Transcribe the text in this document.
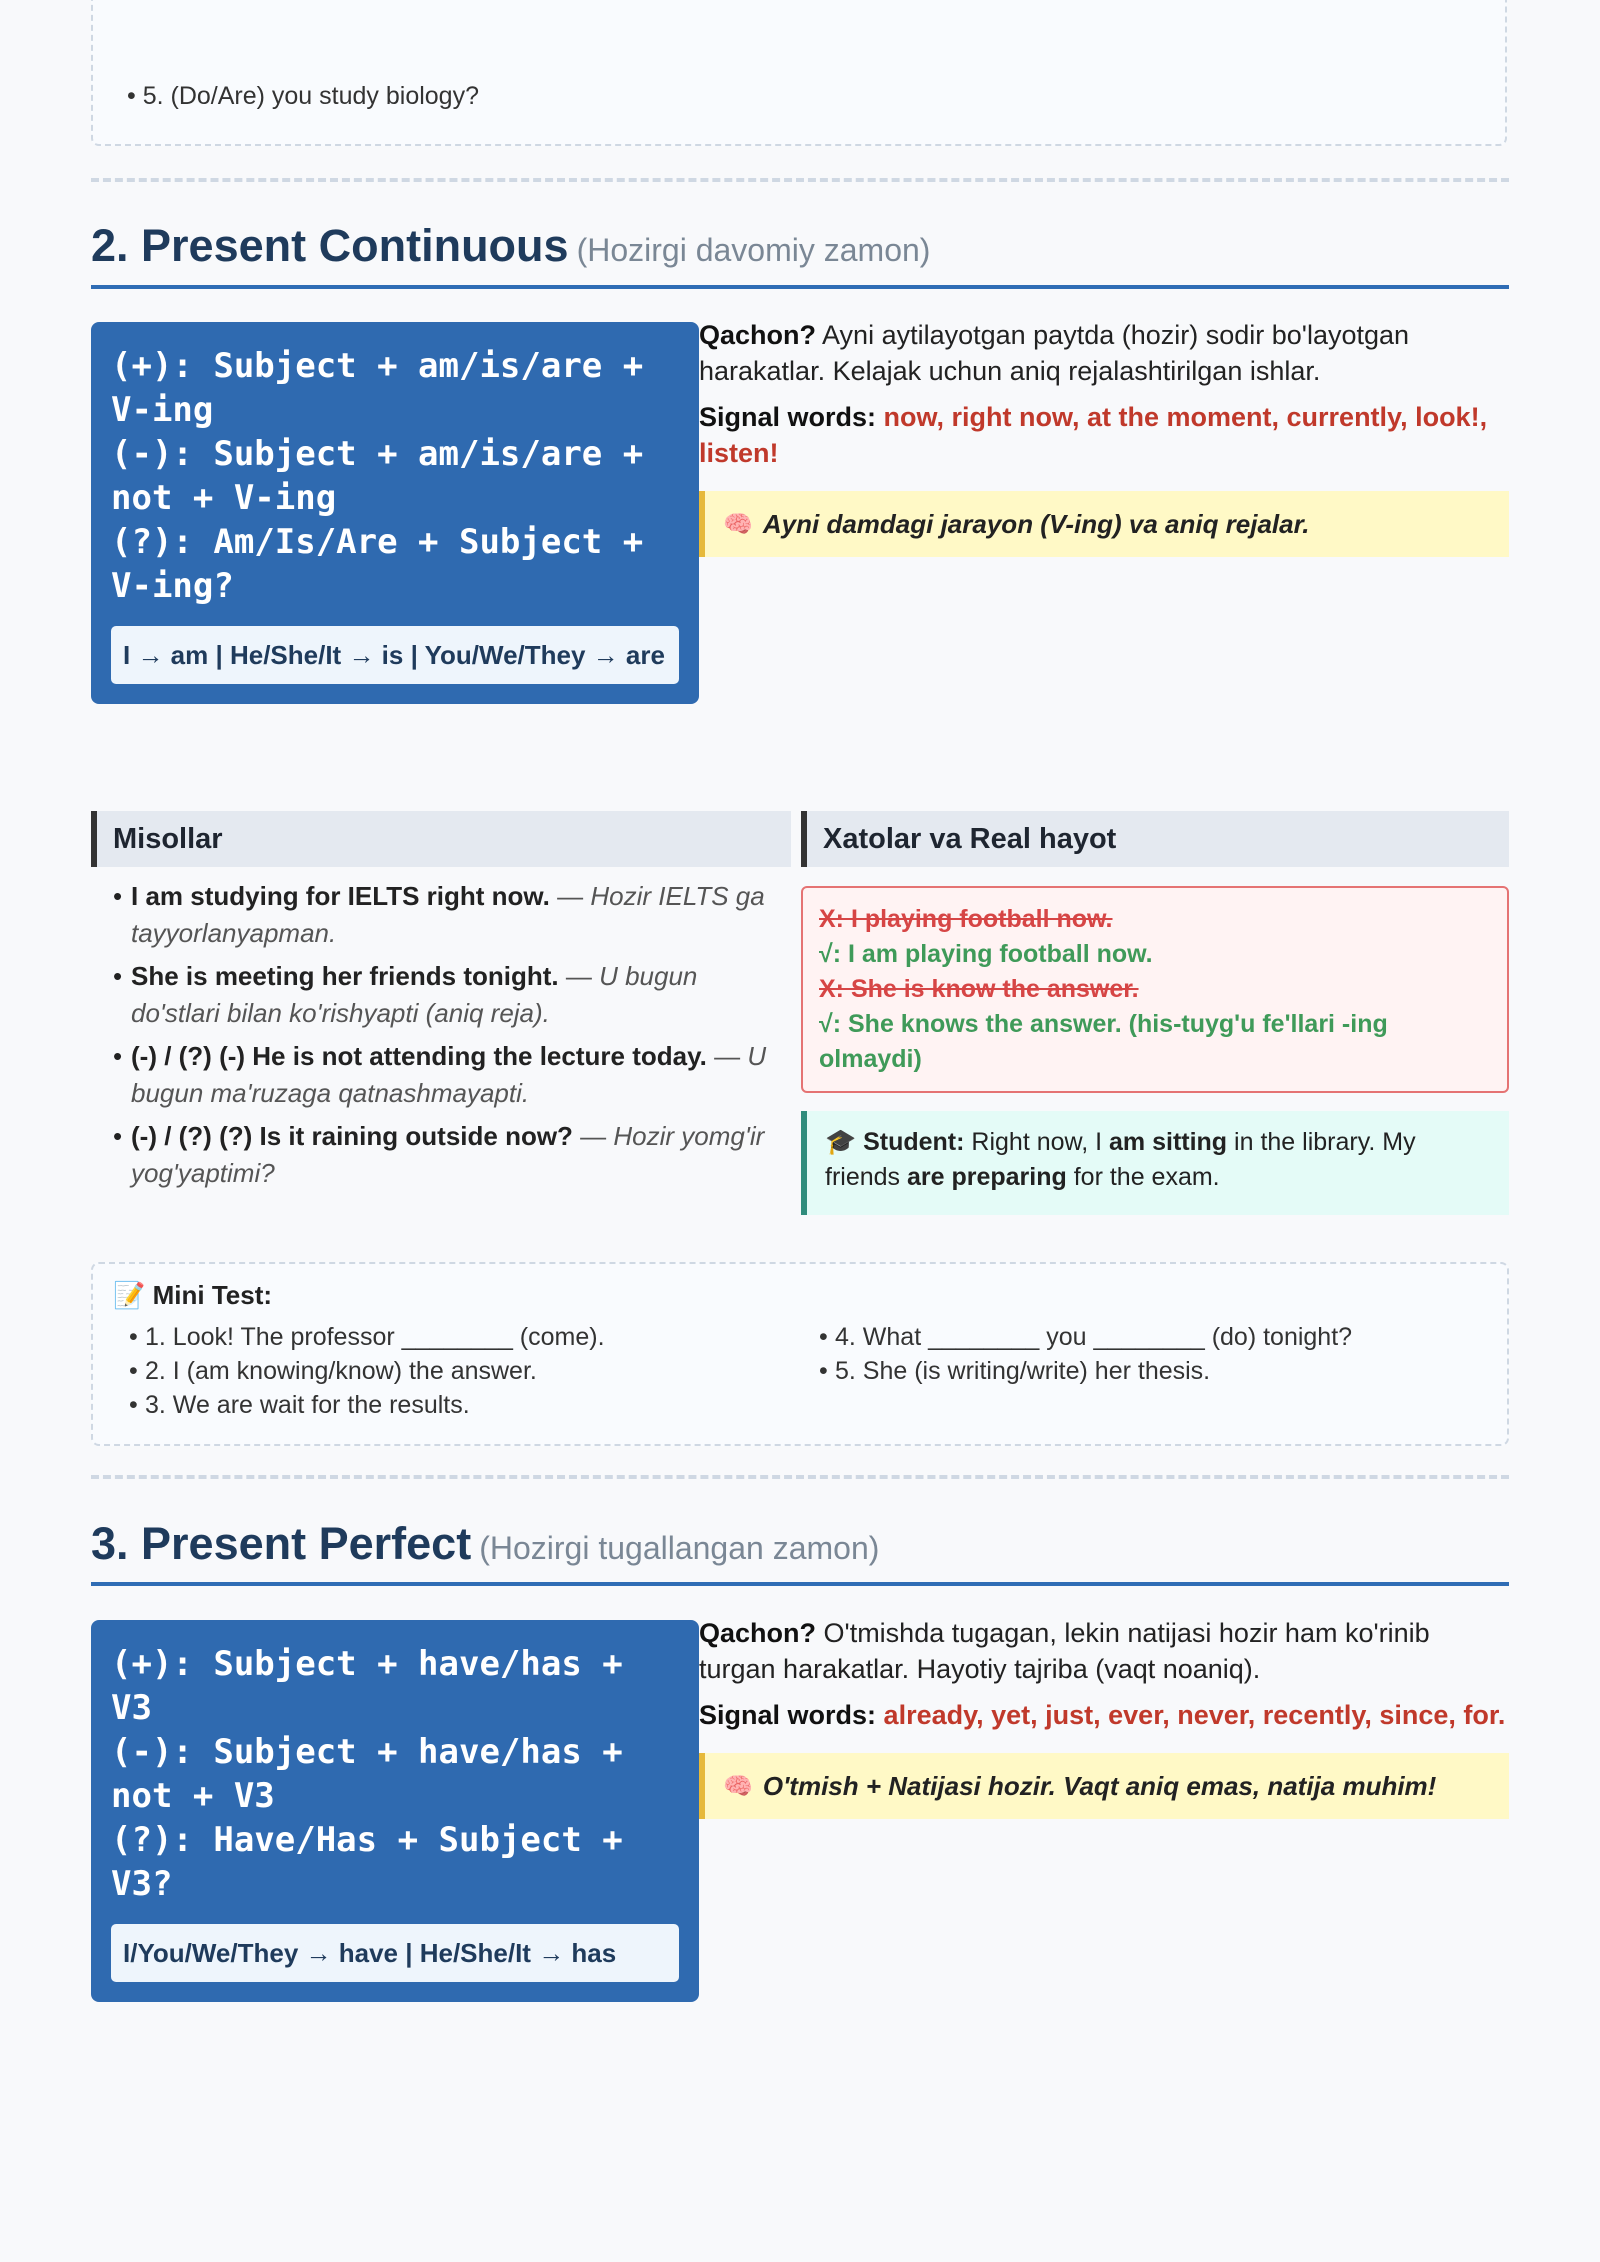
• 5. (Do/Are) you study biology?
2. Present Continuous (Hozirgi davomiy zamon)
(+): Subject + am/is/are + V-ing
(-): Subject + am/is/are + not + V-ing
(?): Am/Is/Are + Subject + V-ing?
I → am | He/She/It → is | You/We/They → are

Qachon? Ayni aytilayotgan paytda (hozir) sodir bo'layotgan harakatlar. Kelajak uchun aniq rejalashtirilgan ishlar.

Signal words: now, right now, at the moment, currently, look!, listen!

🧠 Ayni damdagi jarayon (V-ing) va aniq rejalar.
Misollar	Xatolar va Real hayot
• I am studying for IELTS right now. — Hozir IELTS ga tayyorlanyapman.
• She is meeting her friends tonight. — U bugun do'stlari bilan ko'rishyapti (aniq reja).
• (-) / (?) (-) He is not attending the lecture today. — U bugun ma'ruzaga qatnashmayapti.
• (-) / (?) (?) Is it raining outside now? — Hozir yomg'ir yog'yaptimi?
X: I playing football now.
√: I am playing football now.
X: She is know the answer.
√: She knows the answer. (his-tuyg'u fe'llari -ing olmaydi)
🎓 Student: Right now, I am sitting in the library. My friends are preparing for the exam.
📝 Mini Test:
• 1. Look! The professor ________ (come).
• 2. I (am knowing/know) the answer.
• 3. We are wait for the results.
• 4. What ________ you ________ (do) tonight?
• 5. She (is writing/write) her thesis.
3. Present Perfect (Hozirgi tugallangan zamon)
(+): Subject + have/has + V3
(-): Subject + have/has + not + V3
(?): Have/Has + Subject + V3?
I/You/We/They → have | He/She/It → has

Qachon? O'tmishda tugagan, lekin natijasi hozir ham ko'rinib turgan harakatlar. Hayotiy tajriba (vaqt noaniq).

Signal words: already, yet, just, ever, never, recently, since, for.

🧠 O'tmish + Natijasi hozir. Vaqt aniq emas, natija muhim!
